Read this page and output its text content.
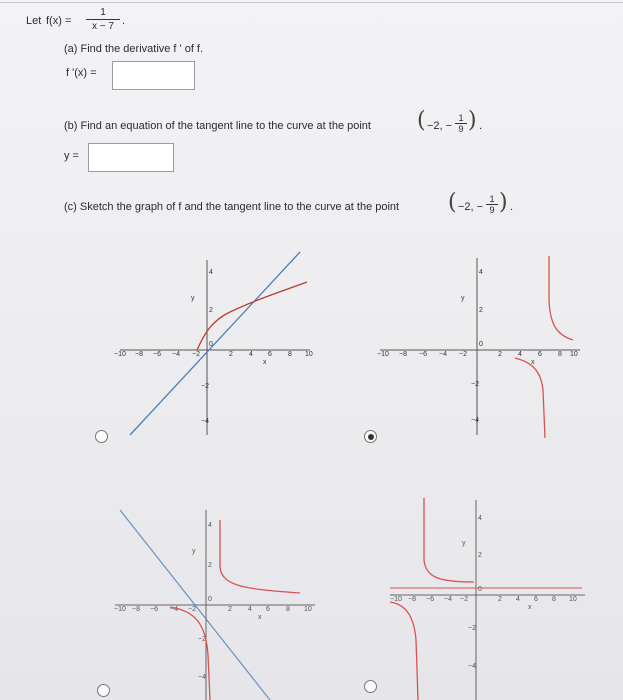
Let f(x) =
1
x − 7 .
(a) Find the derivative f ' of f.
f '(x) =
(b) Find an equation of the tangent line to the curve at the point ( −2, −
1
9 ) .
y =
(c) Sketch the graph of f and the tangent line to the curve at the point ( −2, −
1
9 ) .
−10 −8 −6 −4 −2	2 4 6 8 10
0
x
y
4
2
−2
−4
−10 −8 −6 −4 −2	2 4 6 8 10
0
x
y
4
2
−2
−4
−10 −8 −6 −4 −2	2 4 6 8 10
0
x
y
4
2
−2
−4
−10 −8 −6 −4 −2	2 4 6 8 10
0
x
y
4
2
−2
−4
